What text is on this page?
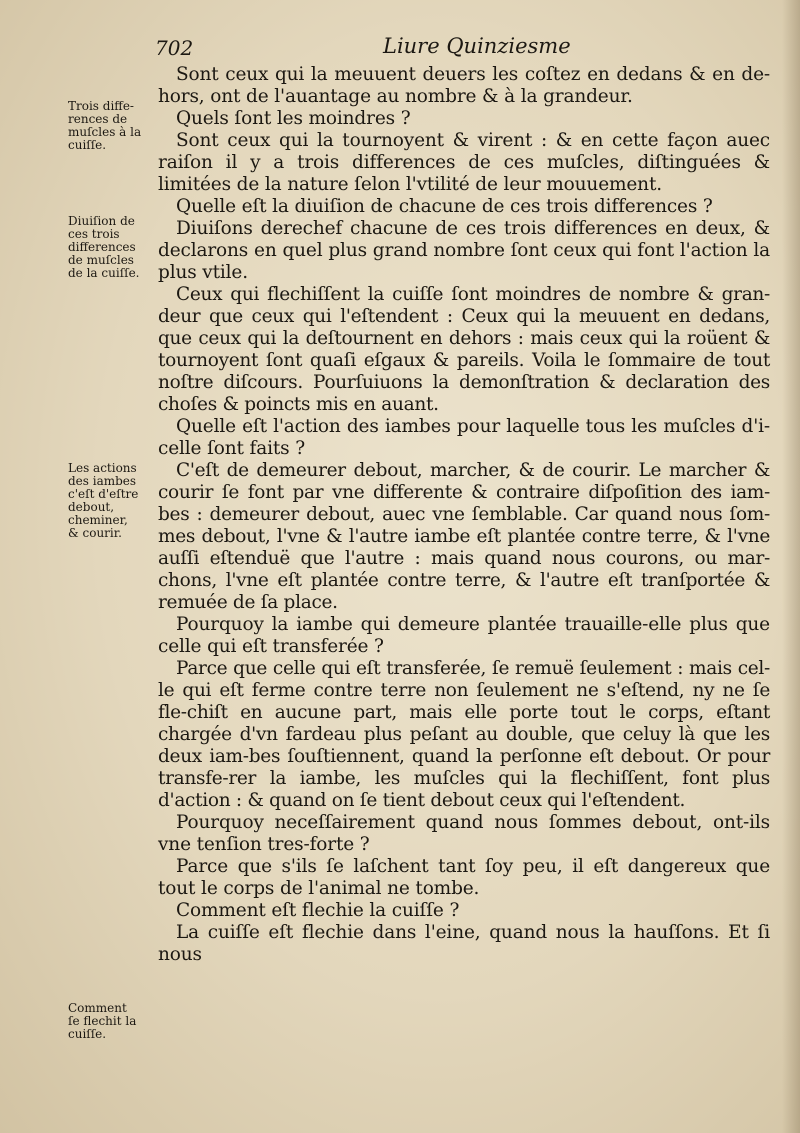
702	Liure Quinziesme
Trois diffe-
rences de
muſcles à la
cuiſſe.
Diuiſion de
ces trois
differences
de muſcles
de la cuiſſe.
Les actions
des iambes
c'eſt d'eſtre
debout,
cheminer,
& courir.
Comment
ſe flechit la
cuiſſe.

Sont ceux qui la meuuent deuers les coſtez en dedans & en de-hors, ont de l'auantage au nombre & à la grandeur.

Quels ſont les moindres ?

Sont ceux qui la tournoyent & virent : & en cette façon auec raiſon il y a trois differences de ces muſcles, diſtinguées & limitées de la nature ſelon l'vtilité de leur mouuement.

Quelle eſt la diuiſion de chacune de ces trois differences ?

Diuiſons derechef chacune de ces trois differences en deux, & declarons en quel plus grand nombre ſont ceux qui font l'action la plus vtile.

Ceux qui flechiſſent la cuiſſe ſont moindres de nombre & gran-deur que ceux qui l'eſtendent : Ceux qui la meuuent en dedans, que ceux qui la deſtournent en dehors : mais ceux qui la roüent & tournoyent ſont quaſi eſgaux & pareils. Voila le ſommaire de tout noſtre diſcours. Pourſuiuons la demonſtration & declaration des choſes & poincts mis en auant.

Quelle eſt l'action des iambes pour laquelle tous les muſcles d'i-celle ſont faits ?

C'eſt de demeurer debout, marcher, & de courir. Le marcher & courir ſe font par vne differente & contraire diſpoſition des iam-bes : demeurer debout, auec vne ſemblable. Car quand nous ſom-mes debout, l'vne & l'autre iambe eſt plantée contre terre, & l'vne auſſi eſtenduë que l'autre : mais quand nous courons, ou mar-chons, l'vne eſt plantée contre terre, & l'autre eſt tranſportée & remuée de ſa place.

Pourquoy la iambe qui demeure plantée trauaille-elle plus que celle qui eſt transferée ?

Parce que celle qui eſt transferée, ſe remuë ſeulement : mais cel-le qui eſt ferme contre terre non ſeulement ne s'eſtend, ny ne ſe fle-chiſt en aucune part, mais elle porte tout le corps, eſtant chargée d'vn fardeau plus peſant au double, que celuy là que les deux iam-bes ſouſtiennent, quand la perſonne eſt debout. Or pour transfe-rer la iambe, les muſcles qui la flechiſſent, font plus d'action : & quand on ſe tient debout ceux qui l'eſtendent.

Pourquoy neceſſairement quand nous ſommes debout, ont-ils vne tenſion tres-forte ?

Parce que s'ils ſe laſchent tant ſoy peu, il eſt dangereux que tout le corps de l'animal ne tombe.

Comment eſt flechie la cuiſſe ?

La cuiſſe eſt flechie dans l'eine, quand nous la hauſſons. Et ſi nous
